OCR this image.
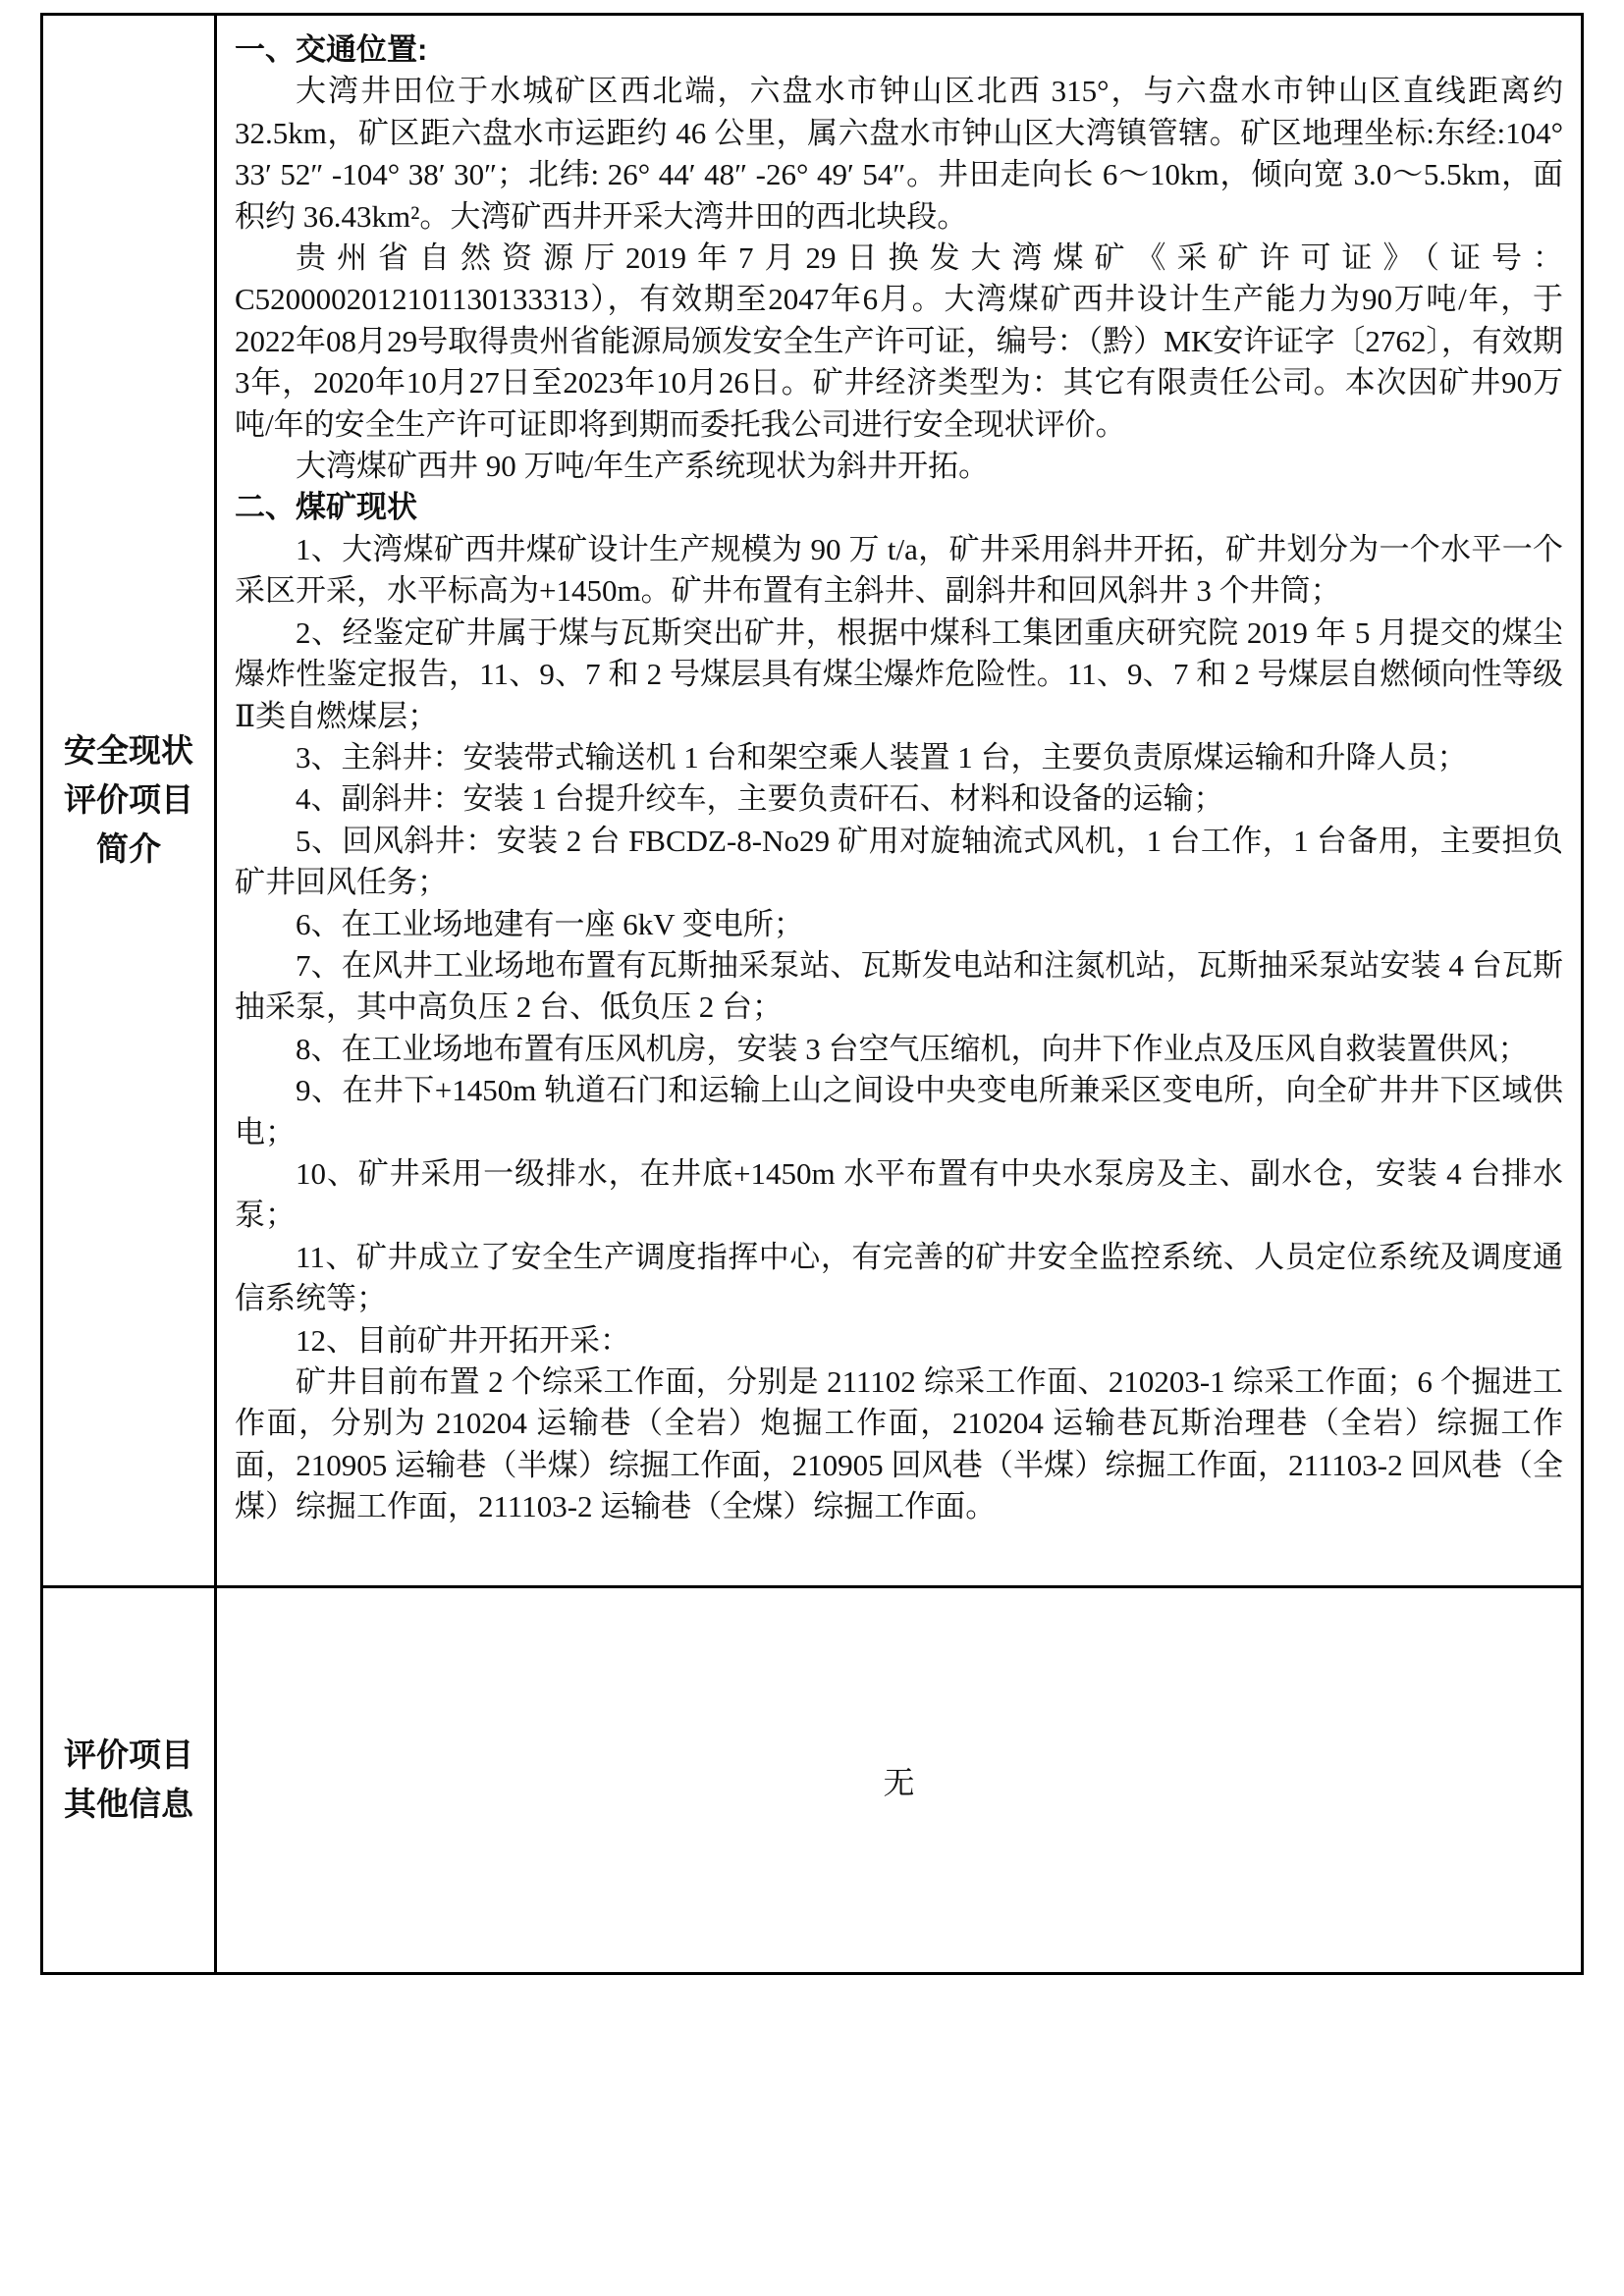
安全现状
评价项目
简介

一、交通位置:

大湾井田位于水城矿区西北端，六盘水市钟山区北西 315°，与六盘水市钟山区直线距离约 32.5km，矿区距六盘水市运距约 46 公里，属六盘水市钟山区大湾镇管辖。矿区地理坐标:东经:104° 33′ 52″ -104° 38′ 30″；北纬: 26° 44′ 48″ -26° 49′ 54″。井田走向长 6～10km，倾向宽 3.0～5.5km，面积约 36.43km²。大湾矿西井开采大湾井田的西北块段。

贵州省自然资源厅2019年7月29日换发大湾煤矿《采矿许可证》（证号：C5200002012101130133313），有效期至2047年6月。大湾煤矿西井设计生产能力为90万吨/年，于2022年08月29号取得贵州省能源局颁发安全生产许可证，编号：（黔）MK安许证字〔2762〕，有效期3年，2020年10月27日至2023年10月26日。矿井经济类型为：其它有限责任公司。本次因矿井90万吨/年的安全生产许可证即将到期而委托我公司进行安全现状评价。

大湾煤矿西井 90 万吨/年生产系统现状为斜井开拓。

二、煤矿现状

1、大湾煤矿西井煤矿设计生产规模为 90 万 t/a，矿井采用斜井开拓，矿井划分为一个水平一个采区开采，水平标高为+1450m。矿井布置有主斜井、副斜井和回风斜井 3 个井筒；

2、经鉴定矿井属于煤与瓦斯突出矿井，根据中煤科工集团重庆研究院 2019 年 5 月提交的煤尘爆炸性鉴定报告，11、9、7 和 2 号煤层具有煤尘爆炸危险性。11、9、7 和 2 号煤层自燃倾向性等级Ⅱ类自燃煤层；

3、主斜井：安装带式输送机 1 台和架空乘人装置 1 台，主要负责原煤运输和升降人员；

4、副斜井：安装 1 台提升绞车，主要负责矸石、材料和设备的运输；

5、回风斜井：安装 2 台 FBCDZ-8-No29 矿用对旋轴流式风机，1 台工作，1 台备用，主要担负矿井回风任务；

6、在工业场地建有一座 6kV 变电所；

7、在风井工业场地布置有瓦斯抽采泵站、瓦斯发电站和注氮机站，瓦斯抽采泵站安装 4 台瓦斯抽采泵，其中高负压 2 台、低负压 2 台；

8、在工业场地布置有压风机房，安装 3 台空气压缩机，向井下作业点及压风自救装置供风；

9、在井下+1450m 轨道石门和运输上山之间设中央变电所兼采区变电所，向全矿井井下区域供电；

10、矿井采用一级排水，在井底+1450m 水平布置有中央水泵房及主、副水仓，安装 4 台排水泵；

11、矿井成立了安全生产调度指挥中心，有完善的矿井安全监控系统、人员定位系统及调度通信系统等；

12、目前矿井开拓开采：

矿井目前布置 2 个综采工作面，分别是 211102 综采工作面、210203-1 综采工作面；6 个掘进工作面，分别为 210204 运输巷（全岩）炮掘工作面，210204 运输巷瓦斯治理巷（全岩）综掘工作面，210905 运输巷（半煤）综掘工作面，210905 回风巷（半煤）综掘工作面，211103-2 回风巷（全煤）综掘工作面，211103-2 运输巷（全煤）综掘工作面。

评价项目
其他信息
无
